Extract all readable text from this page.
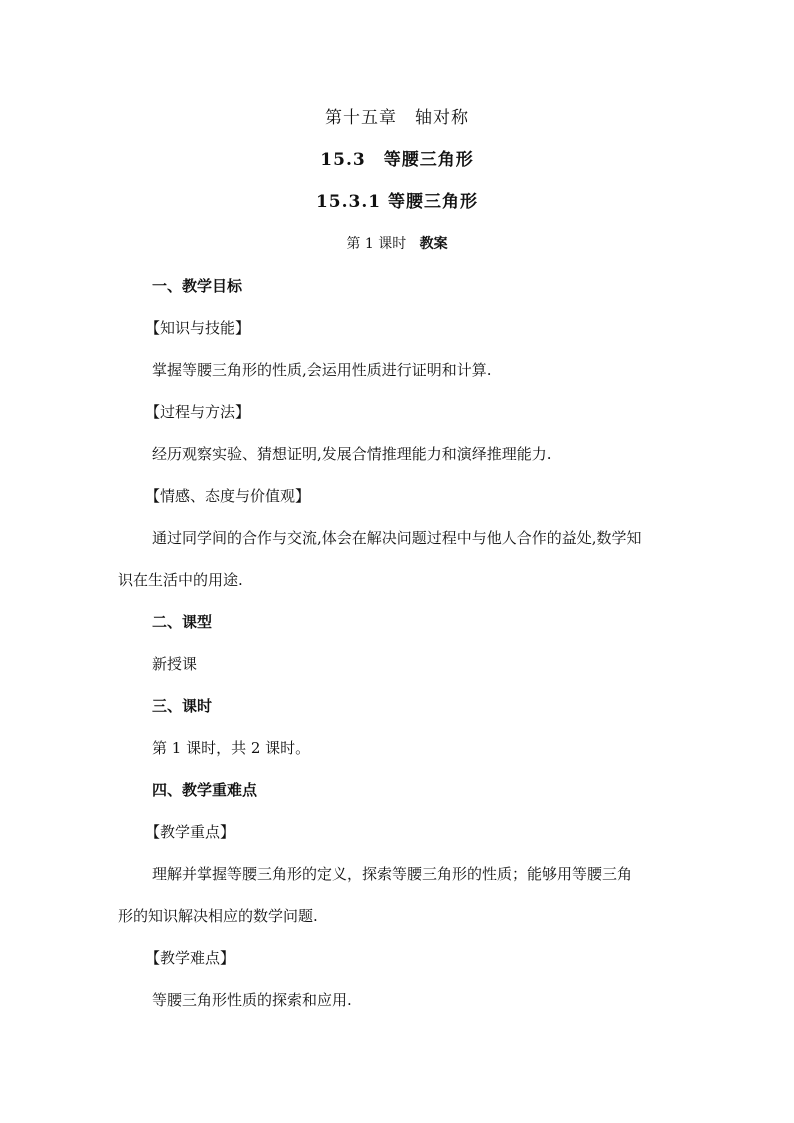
第十五章　轴对称
15.3　等腰三角形
15.3.1 等腰三角形
第 1 课时 教案
一、教学目标
【知识与技能】
掌握等腰三角形的性质,会运用性质进行证明和计算.
【过程与方法】
经历观察实验、猜想证明,发展合情推理能力和演绎推理能力.
【情感、态度与价值观】
通过同学间的合作与交流,体会在解决问题过程中与他人合作的益处,数学知
识在生活中的用途.
二、课型
新授课
三、课时
第 1 课时，共 2 课时。
四、教学重难点
【教学重点】
理解并掌握等腰三角形的定义，探索等腰三角形的性质；能够用等腰三角
形的知识解决相应的数学问题.
【教学难点】
等腰三角形性质的探索和应用.
